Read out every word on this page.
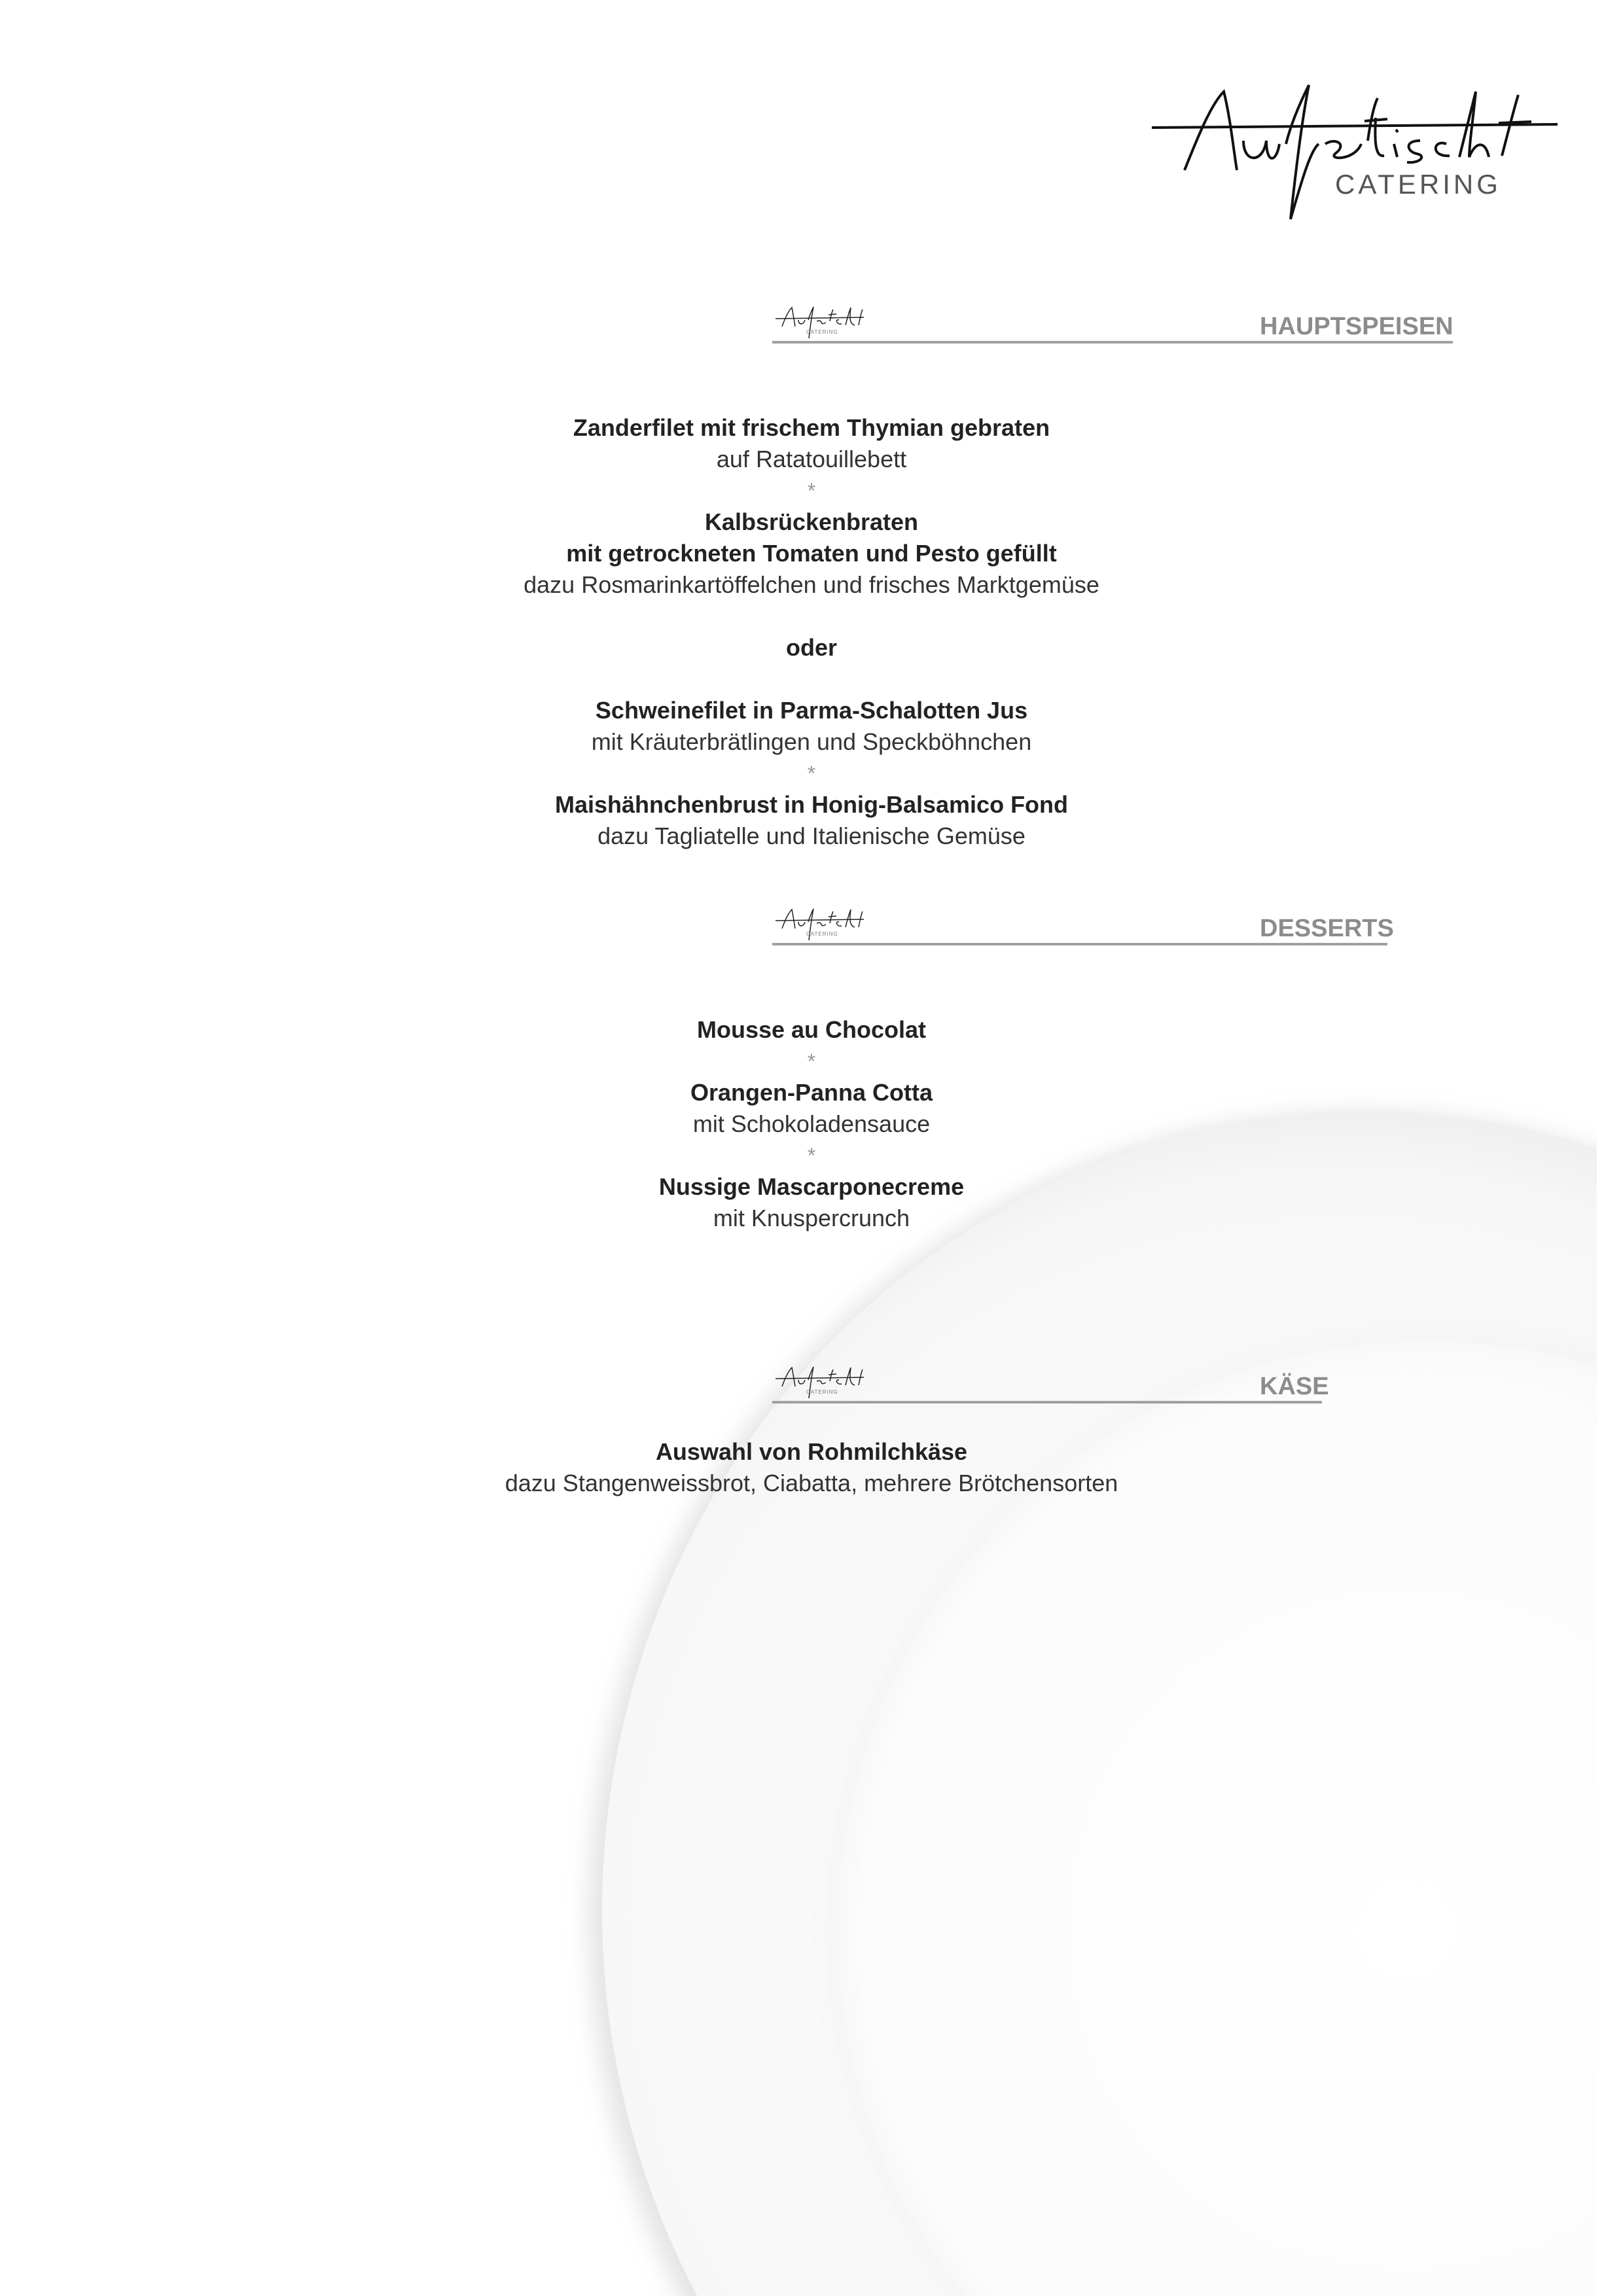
CATERING
CATERING	HAUPTSPEISEN
Zanderfilet mit frischem Thymian gebraten
auf Ratatouillebett
*
Kalbsrückenbraten
mit getrockneten Tomaten und Pesto gefüllt
dazu Rosmarinkartöffelchen und frisches Marktgemüse
oder
Schweinefilet in Parma-Schalotten Jus
mit Kräuterbrätlingen und Speckböhnchen
*
Maishähnchenbrust in Honig-Balsamico Fond
dazu Tagliatelle und Italienische Gemüse
CATERING	DESSERTS
Mousse au Chocolat
*
Orangen-Panna Cotta
mit Schokoladensauce
*
Nussige Mascarponecreme
mit Knuspercrunch
CATERING	KÄSE
Auswahl von Rohmilchkäse
dazu Stangenweissbrot, Ciabatta, mehrere Brötchensorten
